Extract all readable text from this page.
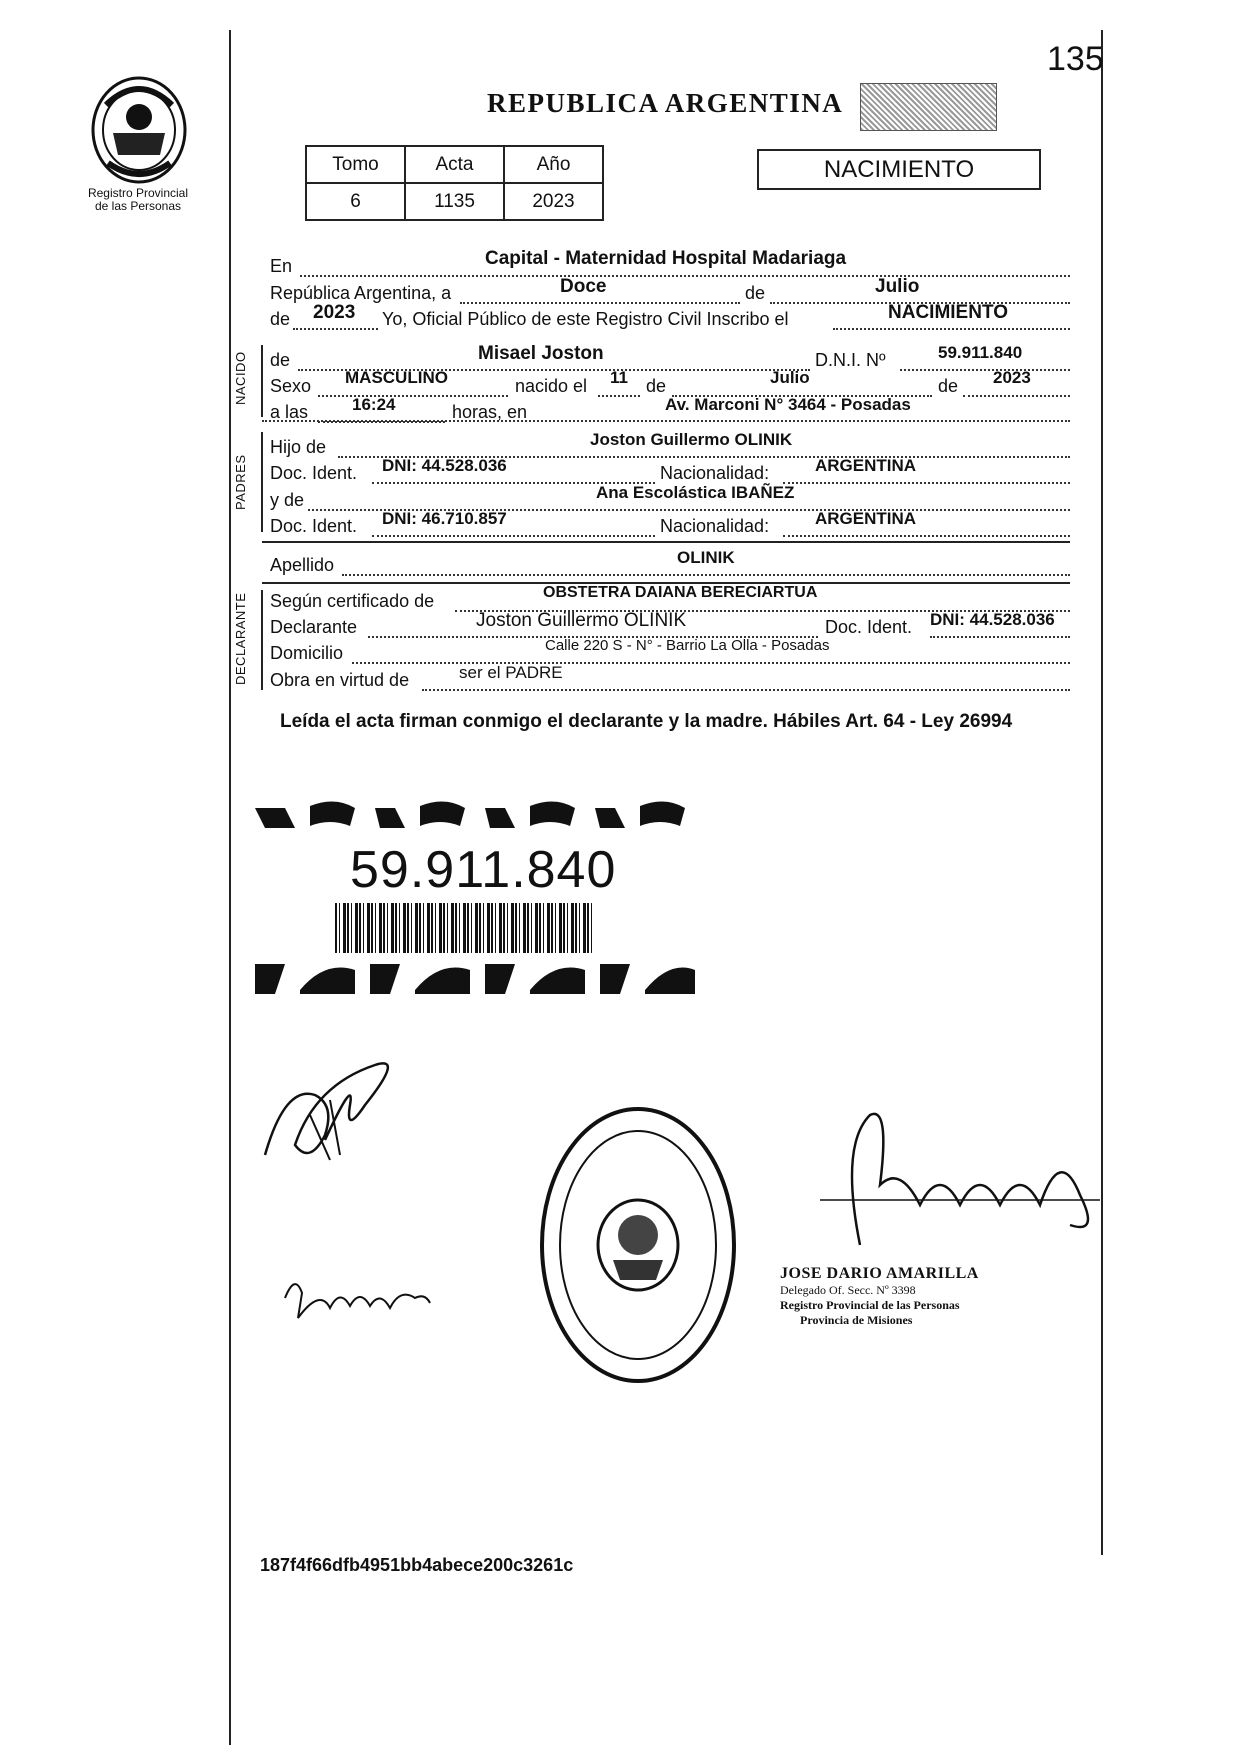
135
Registro Provincial
de las Personas
REPUBLICA ARGENTINA
Tomo	Acta	Año
6	1135	2023
NACIMIENTO
En	Capital - Maternidad Hospital Madariaga
República Argentina, a	Doce	de	Julio
de 2023 Yo, Oficial Público de este Registro Civil Inscribo el	NACIMIENTO
NACIDO de	Misael Joston	D.N.I. Nº	59.911.840
Sexo MASCULINO	nacido el 11 de	Julio	de 2023
a las	16:24	horas, en	Av. Marconi N° 3464 - Posadas
PADRES
Hijo de	Joston Guillermo OLINIK
Doc. Ident. DNI: 44.528.036	Nacionalidad:	ARGENTINA
y de	Ana Escolástica IBAÑEZ
Doc. Ident. DNI: 46.710.857	Nacionalidad:	ARGENTINA
Apellido	OLINIK
DECLARANTE Según certificado de	OBSTETRA DAIANA BERECIARTUA
Declarante	Joston Guillermo OLINIK	Doc. Ident. DNI: 44.528.036
Domicilio	Calle 220 S - N° - Barrio La Olla - Posadas
Obra en virtud de	ser el PADRE
Leída el acta firman conmigo el declarante y la madre. Hábiles Art. 64 - Ley 26994
59.911.840
JOSE DARIO AMARILLA
Delegado Of. Secc. Nº 3398
Registro Provincial de las Personas
Provincia de Misiones
187f4f66dfb4951bb4abece200c3261c
